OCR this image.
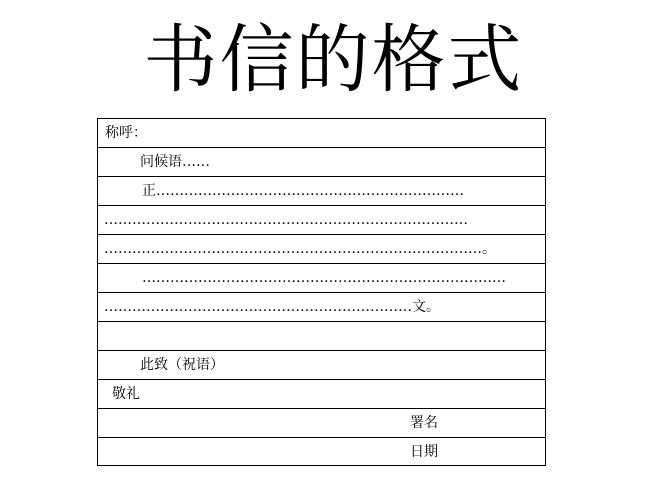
书信的格式
称呼：
问候语……
正…………………………………………………………
……………………………………………………………………
………………………………………………………………………。
……………………………………………………………………
…………………………………………………………文。
此致（祝语）
敬礼
署名
日期
